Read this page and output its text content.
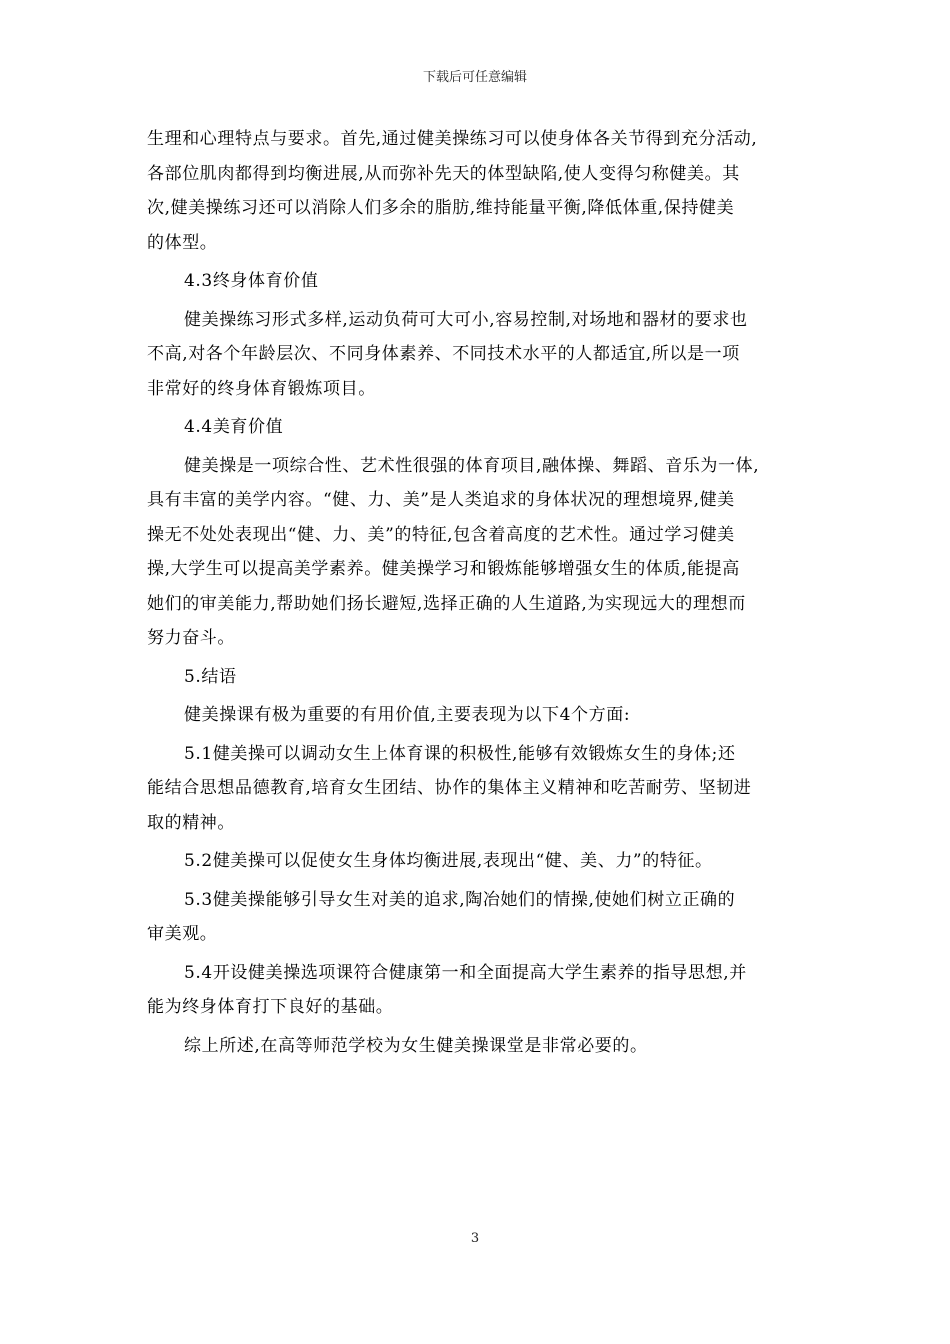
下载后可任意编辑
生理和心理特点与要求。首先,通过健美操练习可以使身体各关节得到充分活动,
各部位肌肉都得到均衡进展,从而弥补先天的体型缺陷,使人变得匀称健美。其
次,健美操练习还可以消除人们多余的脂肪,维持能量平衡,降低体重,保持健美
的体型。
4.3终身体育价值
健美操练习形式多样,运动负荷可大可小,容易控制,对场地和器材的要求也
不高,对各个年龄层次、不同身体素养、不同技术水平的人都适宜,所以是一项
非常好的终身体育锻炼项目。
4.4美育价值
健美操是一项综合性、艺术性很强的体育项目,融体操、舞蹈、音乐为一体,
具有丰富的美学内容。“健、力、美”是人类追求的身体状况的理想境界,健美
操无不处处表现出“健、力、美”的特征,包含着高度的艺术性。通过学习健美
操,大学生可以提高美学素养。健美操学习和锻炼能够增强女生的体质,能提高
她们的审美能力,帮助她们扬长避短,选择正确的人生道路,为实现远大的理想而
努力奋斗。
5.结语
健美操课有极为重要的有用价值,主要表现为以下4个方面:
5.1健美操可以调动女生上体育课的积极性,能够有效锻炼女生的身体;还
能结合思想品德教育,培育女生团结、协作的集体主义精神和吃苦耐劳、坚韧进
取的精神。
5.2健美操可以促使女生身体均衡进展,表现出“健、美、力”的特征。
5.3健美操能够引导女生对美的追求,陶冶她们的情操,使她们树立正确的
审美观。
5.4开设健美操选项课符合健康第一和全面提高大学生素养的指导思想,并
能为终身体育打下良好的基础。
综上所述,在高等师范学校为女生健美操课堂是非常必要的。
3
